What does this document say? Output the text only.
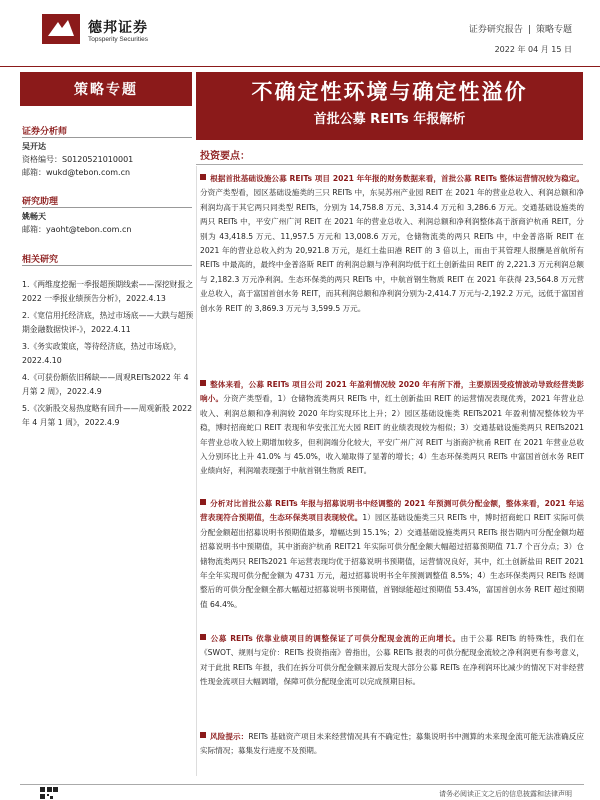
德邦证券
Topsperity Securities
证券研究报告 | 策略专题
2022 年 04 月 15 日
策略专题
证券分析师
吴开达
资格编号：S0120521010001
邮箱：wukd@tebon.com.cn
研究助理
姚畅天
邮箱：yaoht@tebon.com.cn
相关研究
1.《两维度挖掘一季报超预期线索——深挖财报之 2022 一季报业绩预告分析》，2022.4.13
2.《宽信用托经济底，热过市场底——大跌与超预期金融数据快评-》，2022.4.11
3.《务实政策底，等待经济底，热过市场底》，2022.4.10
4.《可获份额依旧稀缺——周观REITs2022 年 4 月第 2 周》，2022.4.9
5.《次新股交易热度略有回升——周观新股 2022 年 4 月第 1 周》，2022.4.9
不确定性环境与确定性溢价
首批公募 REITs 年报解析
投资要点：
根据首批基础设施公募 REITs 项目 2021 年年报的财务数据来看，首批公募 REITs 整体运营情况较为稳定。分资产类型看，园区基础设施类的三只 REITs 中，东吴苏州产业园 REIT 在 2021 年的营业总收入、利润总额和净利润均高于其它两只同类型 REITs，分别为 14,758.8 万元、3,314.4 万元和 3,286.6 万元。交通基础设施类的两只 REITs 中，平安广州广河 REIT 在 2021 年的营业总收入、利润总额和净利润整体高于浙商沪杭甬 REIT，分别为 43,418.5 万元、11,957.5 万元和 13,008.6 万元，仓储物流类的两只 REITs 中，中金普洛斯 REIT 在 2021 年的营业总收入约为 20,921.8 万元，是红土盐田港 REIT 的 3 倍以上，而由于其管理人报酬是首航所有 REITs 中最高的，最终中金普洛斯 REIT 的利润总额与净利润均低于红土创新盐田 REIT 的 2,221.3 万元利润总额与 2,182.3 万元净利润。生态环保类的两只 REITs 中，中航首钢生物质 REIT 在 2021 年获得 23,564.8 万元营业总收入，高于富国首创水务 REIT，而其利润总额和净利润分别为-2,414.7 万元与-2,192.2 万元，远低于富国首创水务 REIT 的 3,869.3 万元与 3,599.5 万元。
整体来看，公募 REITs 项目公司 2021 年盈利情况较 2020 年有所下滑，主要原因受疫情波动导致经营类影响小。分资产类型看，1）仓储物流类两只 REITs 中，红土创新盐田 REIT 的运营情况表现优秀，2021 年营业总收入、利润总额和净利润较 2020 年均实现环比上升；2）园区基础设施类 REITs2021 年盈利情况整体较为平稳，博时招商蛇口 REIT 表现和华安张江光大园 REIT 的业绩表现较为相似；3）交通基础设施类两只 REITs2021 年营业总收入较上期增加较多，但利润端分化较大，平安广州广河 REIT 与浙商沪杭甬 REIT 在 2021 年营业总收入分别环比上升 41.0% 与 45.0%，收入端取得了显著的增长；4）生态环保类两只 REITs 中富国首创水务 REIT 业绩向好，利润端表现强于中航首钢生物质 REIT。
分析对比首批公募 REITs 年报与招募说明书中经调整的 2021 年预测可供分配金额，整体来看，2021 年运营表现符合预期值，生态环保类项目表现较优。1）园区基础设施类三只 REITs 中，博时招商蛇口 REIT 实际可供分配金额超出招募说明书预期值最多，增幅达到 15.1%；2）交通基础设施类两只 REITs 报告期内可分配金额均超招募说明书中预期值，其中浙商沪杭甬 REIT21 年实际可供分配金额大幅超过招募预期值 71.7 个百分点；3）仓储物流类两只 REITs2021 年运营表现均优于招募说明书预期值，运营情况良好，其中，红土创新盐田 REIT 2021 年全年实现可供分配金额为 4731 万元，超过招募说明书全年预测调整值 8.5%；4）生态环保类两只 REITs 经调整后的可供分配金额全都大幅超过招募说明书预期值，首钢绿能超过预期值 53.4%，富国首创水务 REIT 超过预期值 64.4%。
公募 REITs 依靠业绩项目的调整保证了可供分配现金流的正向增长。由于公募 REITs 的特殊性，我们在《SWOT、规则与定价：REITs 投资指南》曾指出，公募 REITs 报表的可供分配现金流较之净利润更有参考意义，对于此批 REITs 年报，我们在拆分可供分配金额来源后发现大部分公募 REITs 在净利润环比减少的情况下对非经营性现金流项目大幅调增，保障可供分配现金流可以完成预期目标。
风险提示：REITs 基础资产项目未来经营情况具有不确定性；募集说明书中测算的未来现金流可能无法准确反应实际情况；募集发行进度不及预期。
请务必阅读正文之后的信息披露和法律声明
